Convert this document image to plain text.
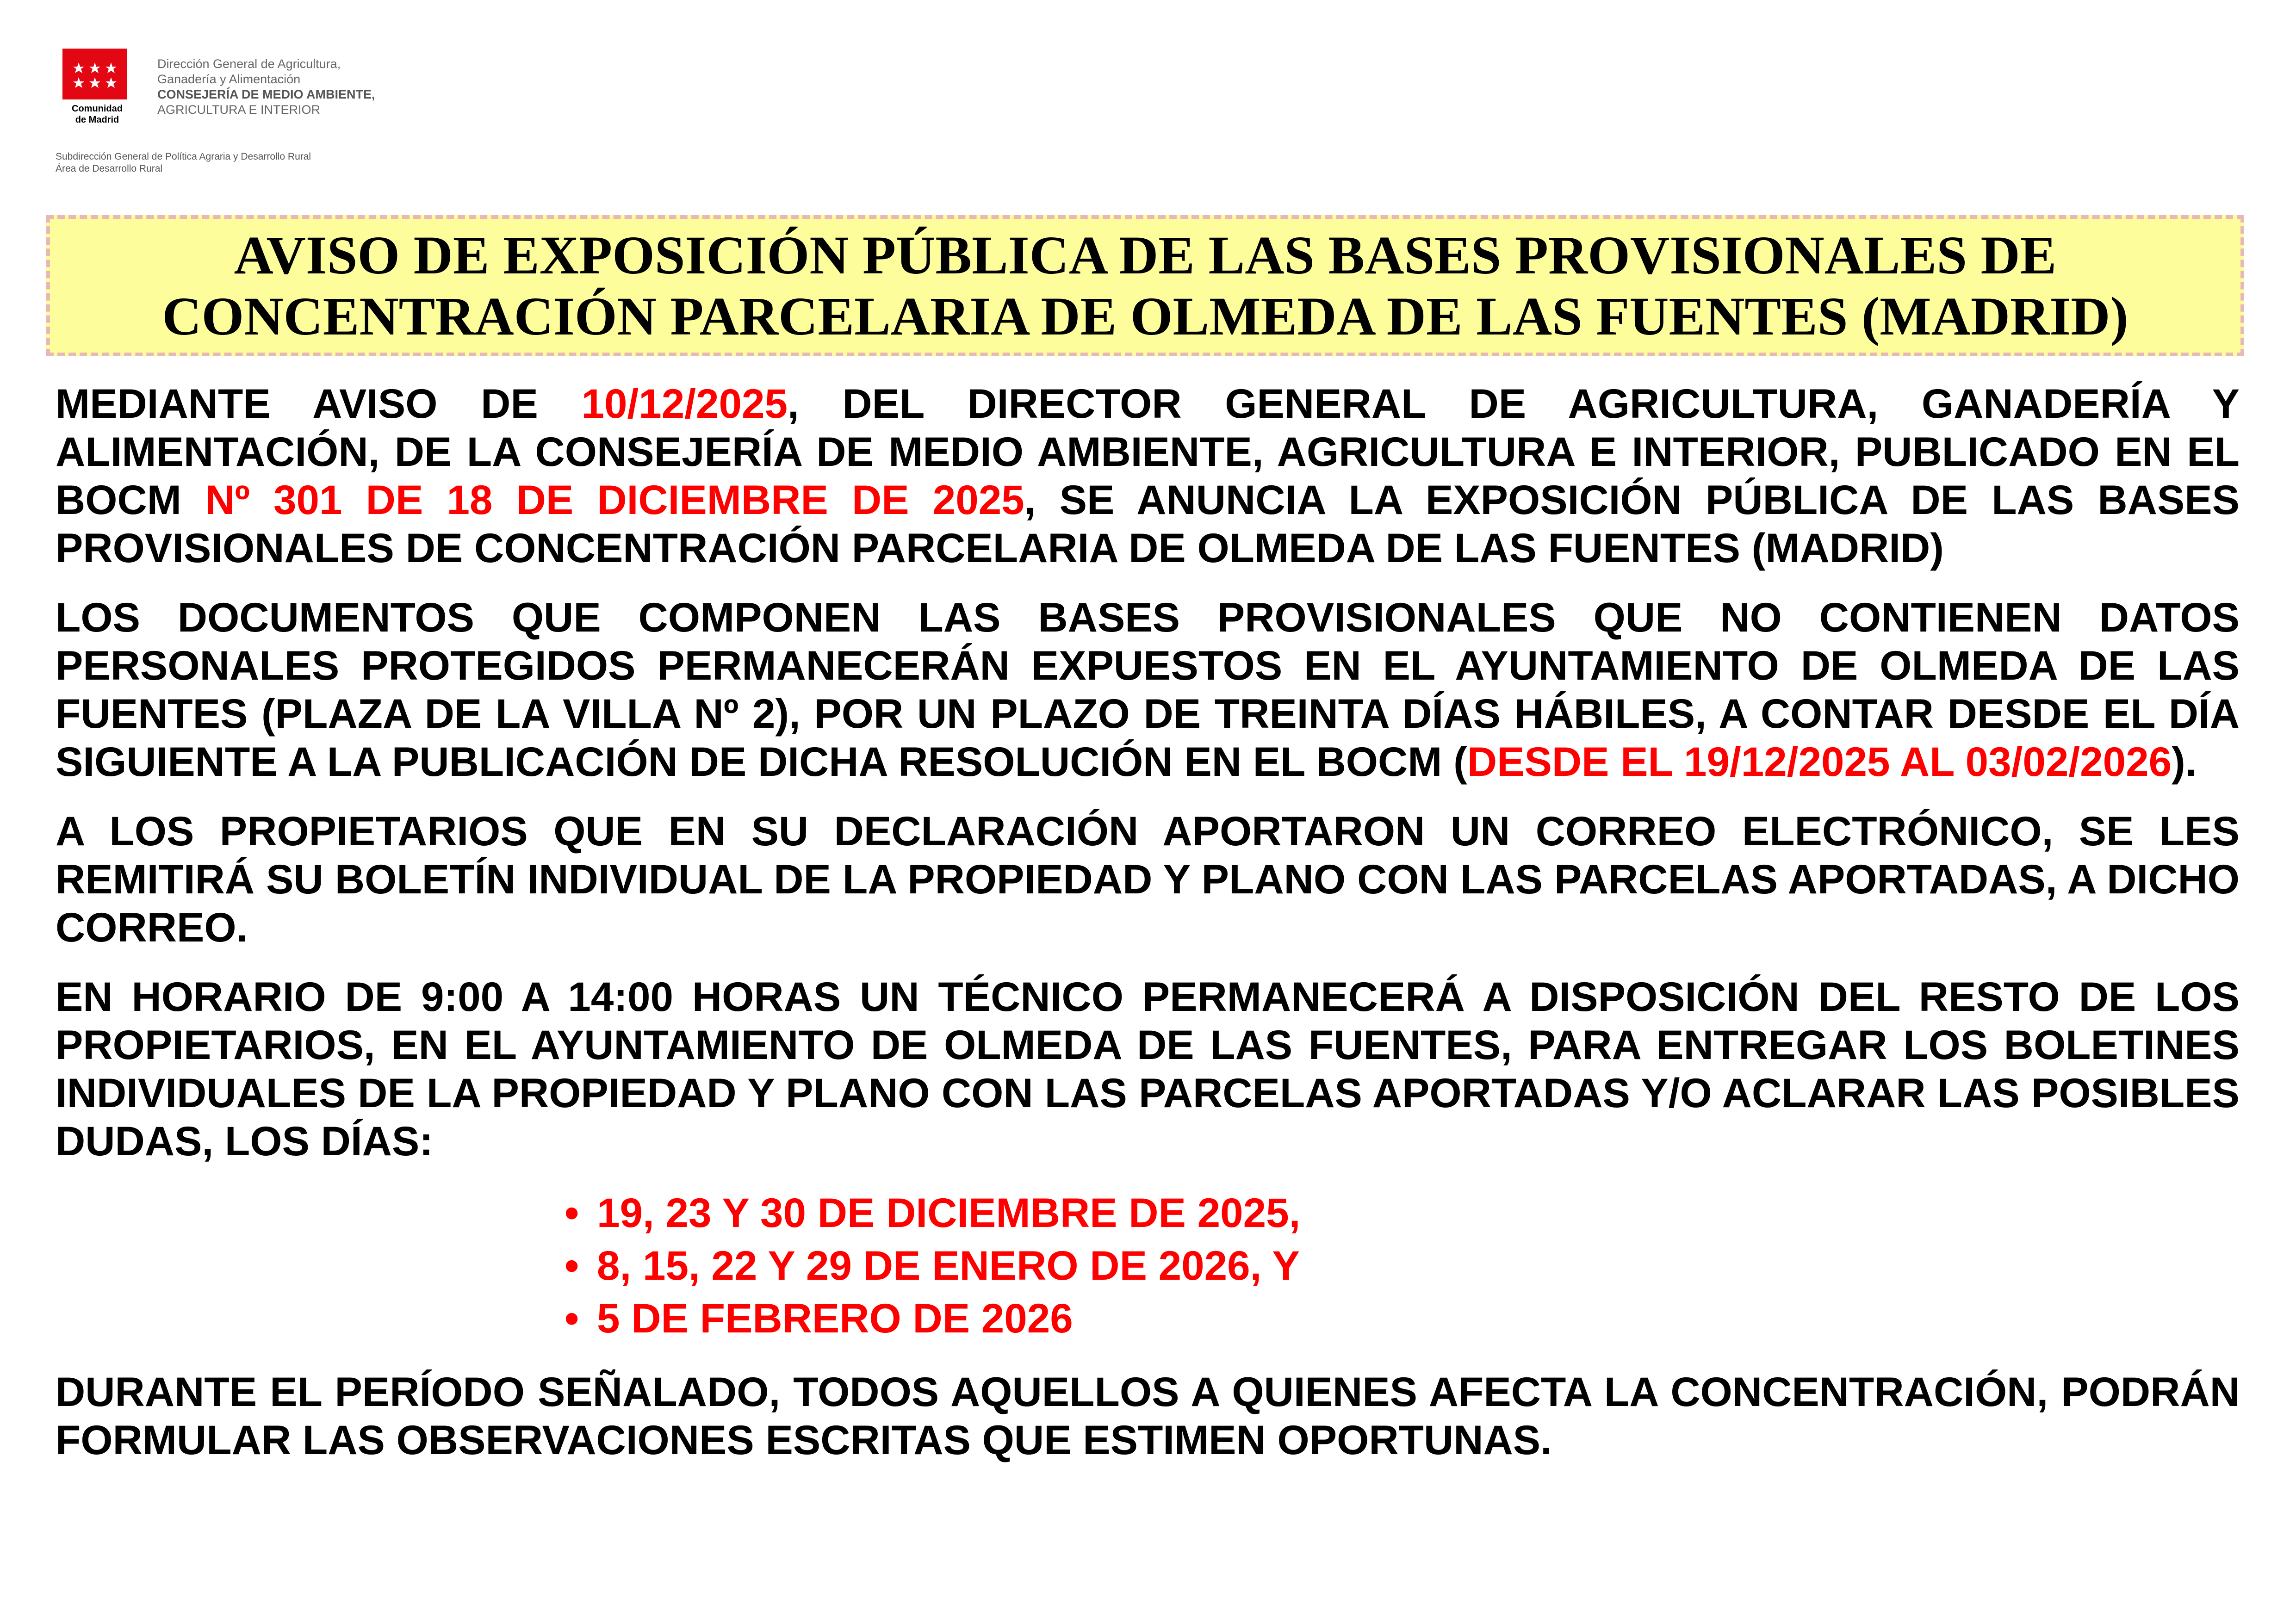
Comunidad
de Madrid
Dirección General de Agricultura,
Ganadería y Alimentación
CONSEJERÍA DE MEDIO AMBIENTE,
AGRICULTURA E INTERIOR
Subdirección General de Política Agraria y Desarrollo Rural
Área de Desarrollo Rural
AVISO DE EXPOSICIÓN PÚBLICA DE LAS BASES PROVISIONALES DE
CONCENTRACIÓN PARCELARIA DE OLMEDA DE LAS FUENTES (MADRID)

MEDIANTE AVISO DE 10/12/2025, DEL DIRECTOR GENERAL DE AGRICULTURA, GANADERÍA Y ALIMENTACIÓN, DE LA CONSEJERÍA DE MEDIO AMBIENTE, AGRICULTURA E INTERIOR, PUBLICADO EN EL BOCM Nº 301 DE 18 DE DICIEMBRE DE 2025, SE ANUNCIA LA EXPOSICIÓN PÚBLICA DE LAS BASES PROVISIONALES DE CONCENTRACIÓN PARCELARIA DE OLMEDA DE LAS FUENTES (MADRID)

LOS DOCUMENTOS QUE COMPONEN LAS BASES PROVISIONALES QUE NO CONTIENEN DATOS PERSONALES PROTEGIDOS PERMANECERÁN EXPUESTOS EN EL AYUNTAMIENTO DE OLMEDA DE LAS FUENTES (PLAZA DE LA VILLA Nº 2), POR UN PLAZO DE TREINTA DÍAS HÁBILES, A CONTAR DESDE EL DÍA SIGUIENTE A LA PUBLICACIÓN DE DICHA RESOLUCIÓN EN EL BOCM (DESDE EL 19/12/2025 AL 03/02/2026).

A LOS PROPIETARIOS QUE EN SU DECLARACIÓN APORTARON UN CORREO ELECTRÓNICO, SE LES REMITIRÁ SU BOLETÍN INDIVIDUAL DE LA PROPIEDAD Y PLANO CON LAS PARCELAS APORTADAS, A DICHO CORREO.

EN HORARIO DE 9:00 A 14:00 HORAS UN TÉCNICO PERMANECERÁ A DISPOSICIÓN DEL RESTO DE LOS PROPIETARIOS, EN EL AYUNTAMIENTO DE OLMEDA DE LAS FUENTES, PARA ENTREGAR LOS BOLETINES INDIVIDUALES DE LA PROPIEDAD Y PLANO CON LAS PARCELAS APORTADAS Y/O ACLARAR LAS POSIBLES DUDAS, LOS DÍAS:

• 19, 23 Y 30 DE DICIEMBRE DE 2025,
• 8, 15, 22 Y 29 DE ENERO DE 2026, Y
• 5 DE FEBRERO DE 2026

DURANTE EL PERÍODO SEÑALADO, TODOS AQUELLOS A QUIENES AFECTA LA CONCENTRACIÓN, PODRÁN FORMULAR LAS OBSERVACIONES ESCRITAS QUE ESTIMEN OPORTUNAS.
